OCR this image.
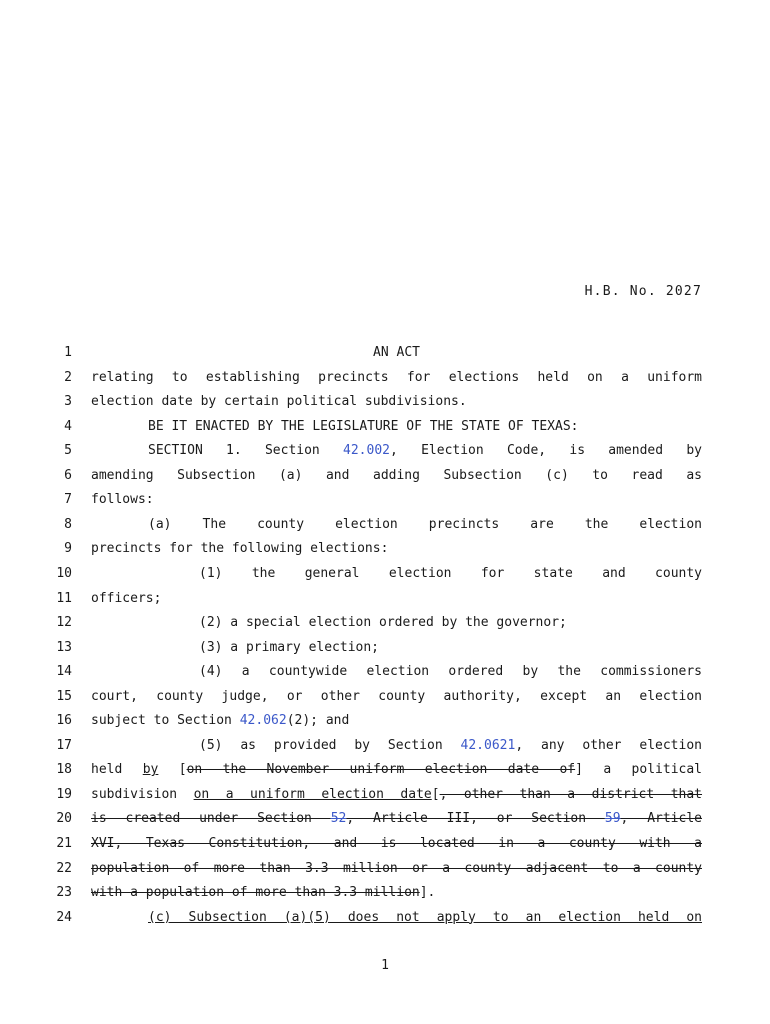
H.B. No. 2027
1	AN ACT
2 relating to establishing precincts for elections held on a uniform
3 election date by certain political subdivisions.
4	BE IT ENACTED BY THE LEGISLATURE OF THE STATE OF TEXAS:
5	SECTION 1. Section 42.002, Election Code, is amended by
6 amending Subsection (a) and adding Subsection (c) to read as
7 follows:
8	(a) The county election precincts are the election
9 precincts for the following elections:
10	(1) the general election for state and county
11 officers;
12	(2) a special election ordered by the governor;
13	(3) a primary election;
14	(4) a countywide election ordered by the commissioners
15 court, county judge, or other county authority, except an election
16 subject to Section 42.062(2); and
17	(5) as provided by Section 42.0621, any other election
18 held by [on the November uniform election date of] a political
19 subdivision on a uniform election date[, other than a district that
20 is created under Section 52, Article III, or Section 59, Article
21 XVI, Texas Constitution, and is located in a county with a
22 population of more than 3.3 million or a county adjacent to a county
23 with a population of more than 3.3 million].
24	(c) Subsection (a)(5) does not apply to an election held on
1
